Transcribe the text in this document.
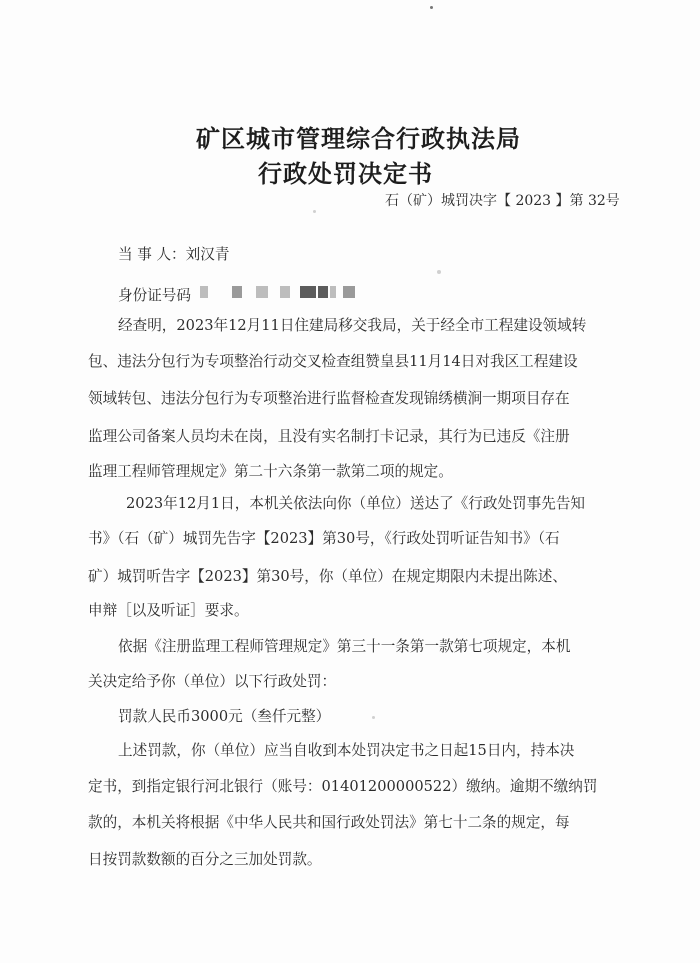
矿区城市管理综合行政执法局
行政处罚决定书
石（矿）城罚决字【 2023 】第 32号
当 事 人：刘汉青
身份证号码
经查明，2023年12月11日住建局移交我局，关于经全市工程建设领域转
包、违法分包行为专项整治行动交叉检查组赞皇县11月14日对我区工程建设
领域转包、违法分包行为专项整治进行监督检查发现锦绣横涧一期项目存在
监理公司备案人员均未在岗，且没有实名制打卡记录，其行为已违反《注册
监理工程师管理规定》第二十六条第一款第二项的规定。
2023年12月1日，本机关依法向你（单位）送达了《行政处罚事先告知
书》（石（矿）城罚先告字【2023】第30号，《行政处罚听证告知书》（石
矿）城罚听告字【2023】第30号，你（单位）在规定期限内未提出陈述、
申辩［以及听证］要求。
依据《注册监理工程师管理规定》第三十一条第一款第七项规定，本机
关决定给予你（单位）以下行政处罚：
罚款人民币3000元（叁仟元整）
上述罚款，你（单位）应当自收到本处罚决定书之日起15日内，持本决
定书，到指定银行河北银行（账号：01401200000522）缴纳。逾期不缴纳罚
款的，本机关将根据《中华人民共和国行政处罚法》第七十二条的规定，每
日按罚款数额的百分之三加处罚款。
